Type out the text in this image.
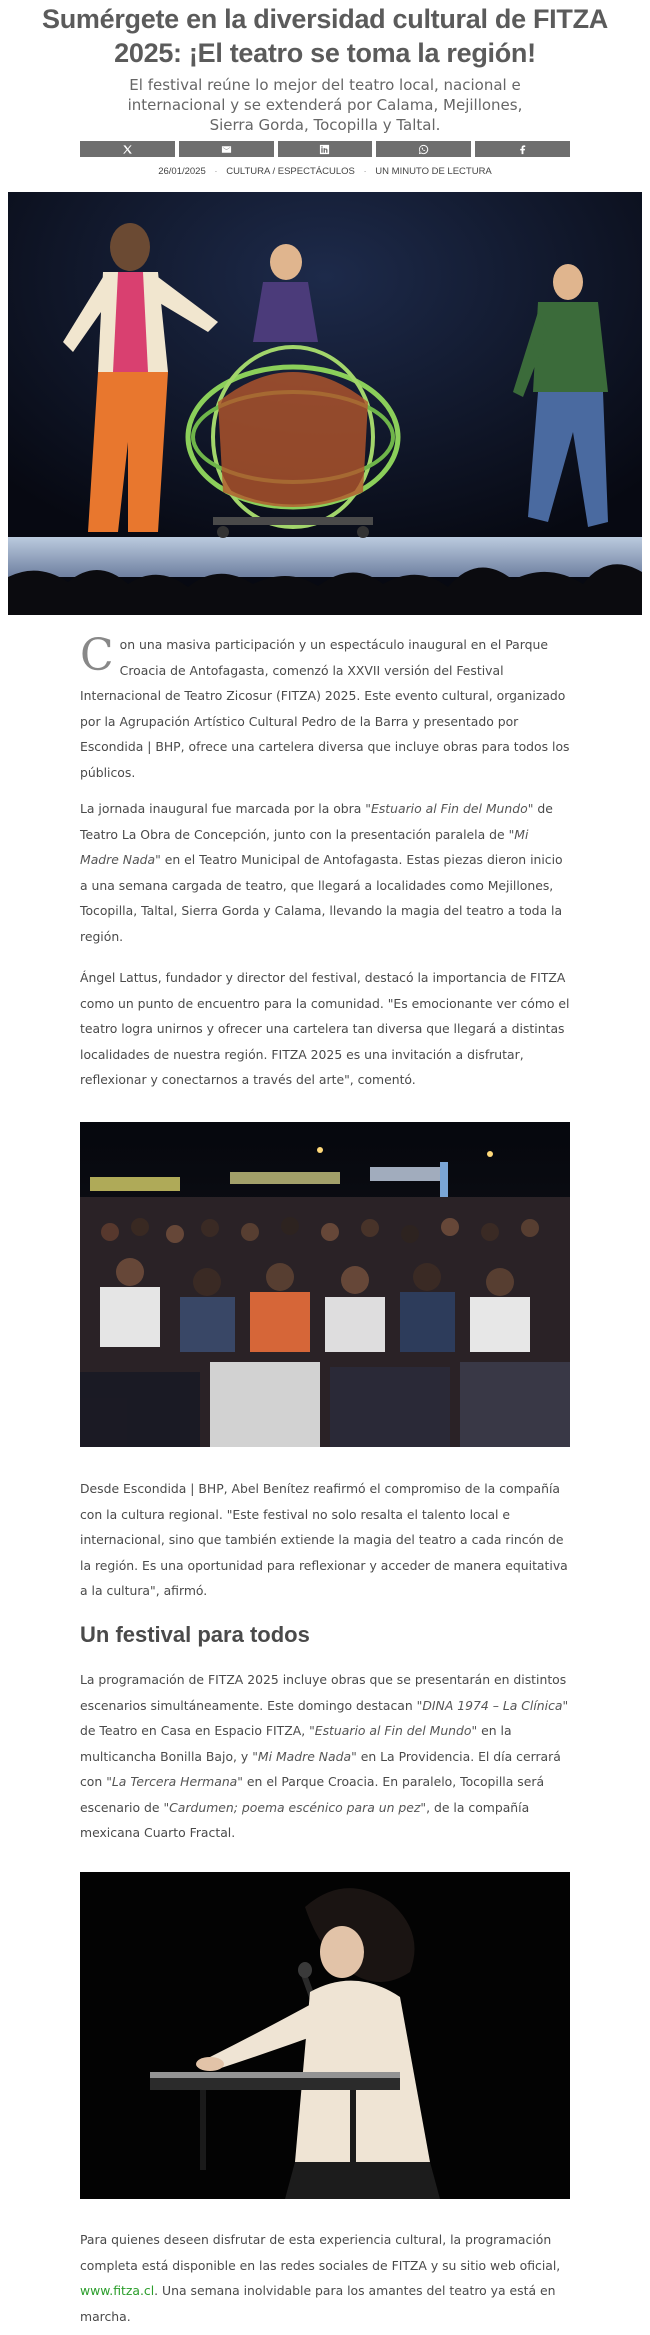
Sumérgete en la diversidad cultural de FITZA 2025: ¡El teatro se toma la región!

El festival reúne lo mejor del teatro local, nacional e internacional y se extenderá por Calama, Mejillones, Sierra Gorda, Tocopilla y Taltal.

26/01/2025 · CULTURA / ESPECTÁCULOS · UN MINUTO DE LECTURA

Con una masiva participación y un espectáculo inaugural en el Parque Croacia de Antofagasta, comenzó la XXVII versión del Festival Internacional de Teatro Zicosur (FITZA) 2025. Este evento cultural, organizado por la Agrupación Artístico Cultural Pedro de la Barra y presentado por Escondida | BHP, ofrece una cartelera diversa que incluye obras para todos los públicos.

La jornada inaugural fue marcada por la obra "Estuario al Fin del Mundo" de Teatro La Obra de Concepción, junto con la presentación paralela de "Mi Madre Nada" en el Teatro Municipal de Antofagasta. Estas piezas dieron inicio a una semana cargada de teatro, que llegará a localidades como Mejillones, Tocopilla, Taltal, Sierra Gorda y Calama, llevando la magia del teatro a toda la región.

Ángel Lattus, fundador y director del festival, destacó la importancia de FITZA como un punto de encuentro para la comunidad. "Es emocionante ver cómo el teatro logra unirnos y ofrecer una cartelera tan diversa que llegará a distintas localidades de nuestra región. FITZA 2025 es una invitación a disfrutar, reflexionar y conectarnos a través del arte", comentó.

Desde Escondida | BHP, Abel Benítez reafirmó el compromiso de la compañía con la cultura regional. "Este festival no solo resalta el talento local e internacional, sino que también extiende la magia del teatro a cada rincón de la región. Es una oportunidad para reflexionar y acceder de manera equitativa a la cultura", afirmó.

Un festival para todos

La programación de FITZA 2025 incluye obras que se presentarán en distintos escenarios simultáneamente. Este domingo destacan "DINA 1974 – La Clínica" de Teatro en Casa en Espacio FITZA, "Estuario al Fin del Mundo" en la multicancha Bonilla Bajo, y "Mi Madre Nada" en La Providencia. El día cerrará con "La Tercera Hermana" en el Parque Croacia. En paralelo, Tocopilla será escenario de "Cardumen; poema escénico para un pez", de la compañía mexicana Cuarto Fractal.

Para quienes deseen disfrutar de esta experiencia cultural, la programación completa está disponible en las redes sociales de FITZA y su sitio web oficial, www.fitza.cl. Una semana inolvidable para los amantes del teatro ya está en marcha.
